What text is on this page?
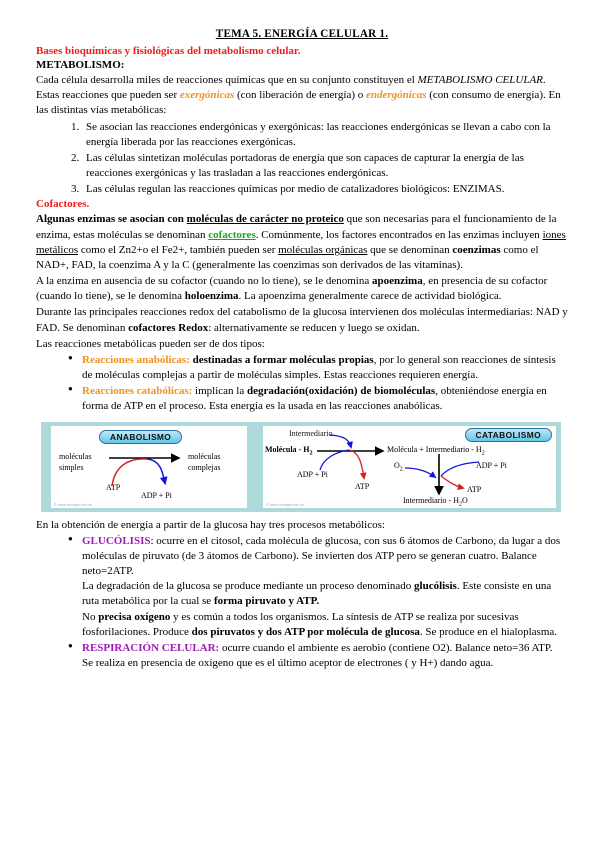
TEMA 5. ENERGÍA CELULAR 1.
Bases bioquímicas y fisiológicas del metabolismo celular.
METABOLISMO:

Cada célula desarrolla miles de reacciones químicas que en su conjunto constituyen el METABOLISMO CELULAR. Estas reacciones que pueden ser exergónicas (con liberación de energía) o endergónicas (con consumo de energía). En las distintas vías metabólicas:

1. Se asocian las reacciones endergónicas y exergónicas: las reacciones endergónicas se llevan a cabo con la energía liberada por las reacciones exergónicas.
2. Las células sintetizan moléculas portadoras de energía que son capaces de capturar la energía de las reacciones exergónicas y las trasladan a las reacciones endergónicas.
3. Las células regulan las reacciones químicas por medio de catalizadores biológicos: ENZIMAS.
Cofactores.

Algunas enzimas se asocian con moléculas de carácter no proteico que son necesarias para el funcionamiento de la enzima, estas moléculas se denominan cofactores. Comúnmente, los factores encontrados en las enzimas incluyen iones metálicos como el Zn2+o el Fe2+, también pueden ser moléculas orgánicas que se denominan coenzimas como el NAD+, FAD, la coenzima A y la C (generalmente las coenzimas son derivados de las vitaminas).

A la enzima en ausencia de su cofactor (cuando no lo tiene), se le denomina apoenzima, en presencia de su cofactor (cuando lo tiene), se le denomina holoenzima. La apoenzima generalmente carece de actividad biológica.

Durante las principales reacciones redox del catabolismo de la glucosa intervienen dos moléculas intermediarias: NAD y FAD. Se denominan cofactores Redox: alternativamente se reducen y luego se oxidan.

Las reacciones metabólicas pueden ser de dos tipos:

● Reacciones anabólicas: destinadas a formar moléculas propias, por lo general son reacciones de síntesis de moléculas complejas a partir de moléculas simples. Estas reacciones requieren energía.
● Reacciones catabólicas: implican la degradación(oxidación) de biomoléculas, obteniéndose energía en forma de ATP en el proceso. Esta energía es la usada en las reacciones anabólicas.
ANABOLISMO
moléculas
simples
moléculas
complejas
ATP
ADP + Pi
© www.biologia.edu.ar
CATABOLISMO
Intermediario
Molécula - $H_2$
ADP + Pi
ATP
Molécula + Intermediario - $H_2$
$O_2$	ADP + Pi
ATP
Intermediario - $H_2O$
© www.biologia.edu.ar

En la obtención de energía a partir de la glucosa hay tres procesos metabólicos:

● GLUCÓLISIS: ocurre en el citosol, cada molécula de glucosa, con sus 6 átomos de Carbono, da lugar a dos moléculas de piruvato (de 3 átomos de Carbono). Se invierten dos ATP pero se generan cuatro. Balance neto=2ATP.
La degradación de la glucosa se produce mediante un proceso denominado glucólisis. Este consiste en una ruta metabólica por la cual se forma piruvato y ATP.
No precisa oxígeno y es común a todos los organismos. La síntesis de ATP se realiza por sucesivas fosforilaciones. Produce dos piruvatos y dos ATP por molécula de glucosa. Se produce en el hialoplasma.
● RESPIRACIÓN CELULAR: ocurre cuando el ambiente es aerobio (contiene O2). Balance neto=36 ATP.
Se realiza en presencia de oxígeno que es el último aceptor de electrones ( y H+) dando agua.
